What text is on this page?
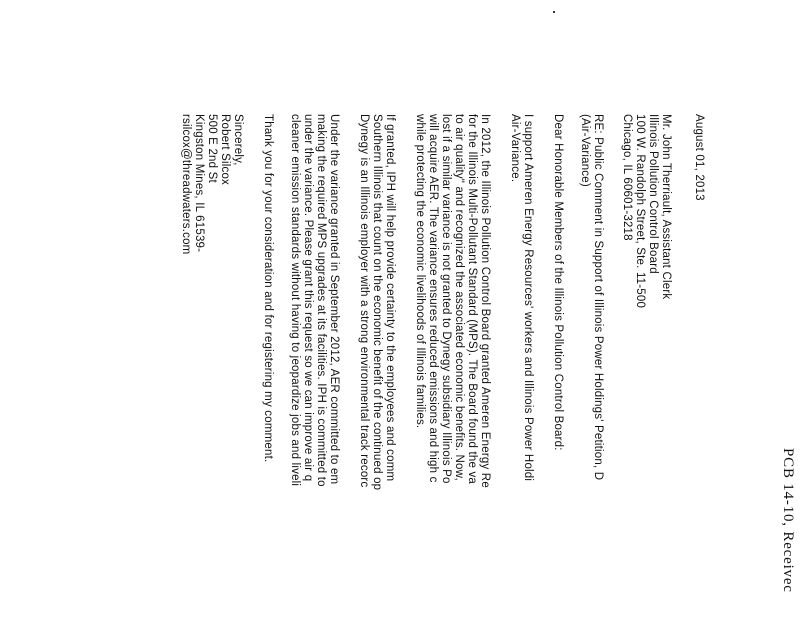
PCB 14-10, Receivec
August 01, 2013
Mr. John Therriault, Assistant Clerk
Illinois Pollution Control Board
100 W. Randolph Street, Ste. 11-500
Chicago, IL 60601-3218
RE: Public Comment in Support of Illinois Power Holdings' Petition, D
(Air-Variance)
Dear Honorable Members of the Illinois Pollution Control Board:
I support Ameren Energy Resources' workers and Illinois Power Holdi
Air-Variance.
In 2012, the Illinois Pollution Control Board granted Ameren Energy Re
for the Illinois Multi-Pollutant Standard (MPS). The Board found the va
to air quality" and recognized the associated economic benefits. Now,
lost if a similar variance is not granted to Dynegy subsidiary Illinois Po
will acquire AER. The variance ensures reduced emissions and high c
while protecting the economic livelihoods of Illinois families.
If granted, IPH will help provide certainty to the employees and comm
Southern Illinois that count on the economic benefit of the continued op
Dynegy is an Illinois employer with a strong environmental track recorc
Under the variance granted in September 2012, AER committed to em
making the required MPS upgrades at its facilities. IPH is committed to
under the variance. Please grant this request so we can improve air q
cleaner emission standards without having to jeopardize jobs and liveli
Thank you for your consideration and for registering my comment.
Sincerely,
Robert Silcox
500 E 2nd St
Kingston Mines, IL 61539-
rsilcox@threadwaters.com
